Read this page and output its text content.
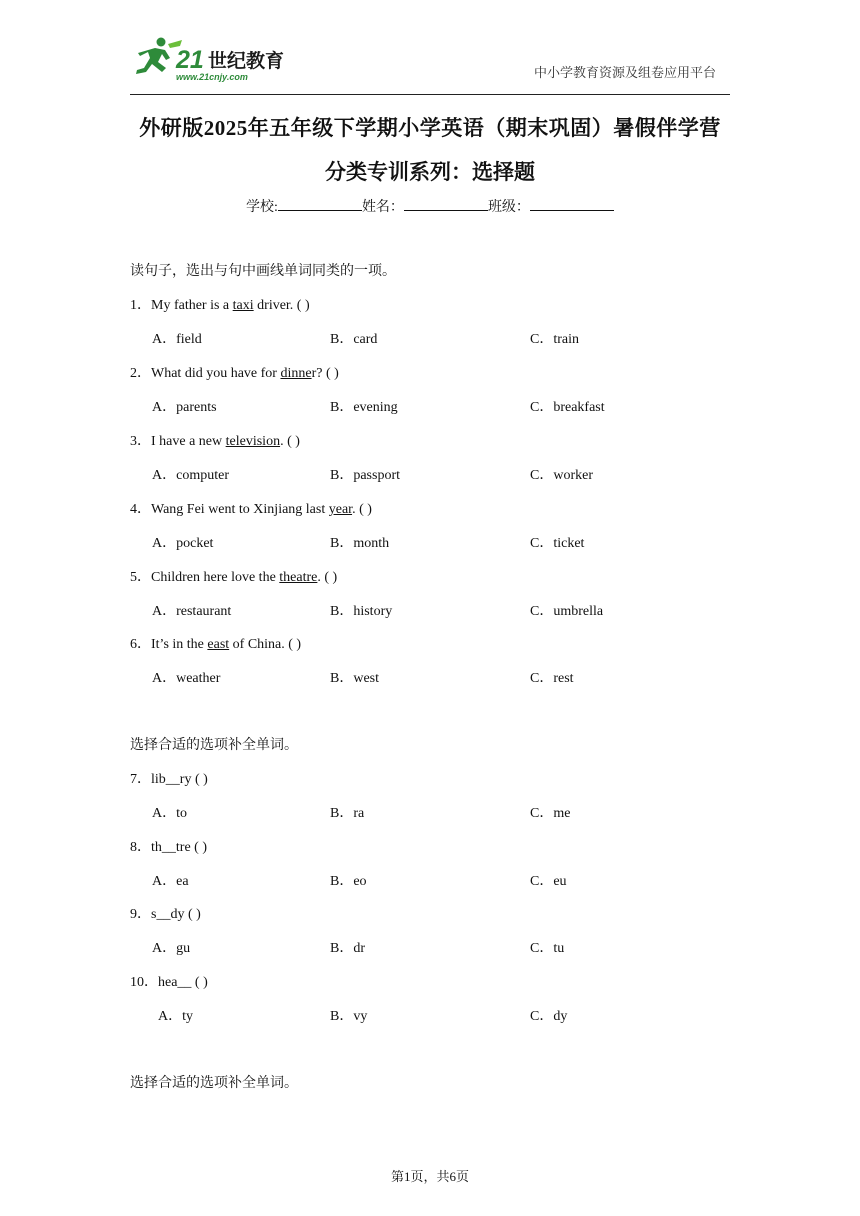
21 世纪教育
www.21cnjy.com	中小学教育资源及组卷应用平台
外研版2025年五年级下学期小学英语（期末巩固）暑假伴学营
分类专训系列：选择题
学校:	姓名：	班级：
读句子，选出与句中画线单词同类的一项。
1．My father is a taxi driver. ( )
A．field	B．card	C．train
2．What did you have for dinner? ( )
A．parents	B．evening	C．breakfast
3．I have a new television. ( )
A．computer	B．passport	C．worker
4．Wang Fei went to Xinjiang last year. ( )
A．pocket	B．month	C．ticket
5．Children here love the theatre. ( )
A．restaurant	B．history	C．umbrella
6．It’s in the east of China. ( )
A．weather	B．west	C．rest
选择合适的选项补全单词。
7．lib__ry ( )
A．to	B．ra	C．me
8．th__tre ( )
A．ea	B．eo	C．eu
9．s__dy ( )
A．gu	B．dr	C．tu
10．hea__ ( )
A．ty	B．vy	C．dy
选择合适的选项补全单词。
第1页，共6页
